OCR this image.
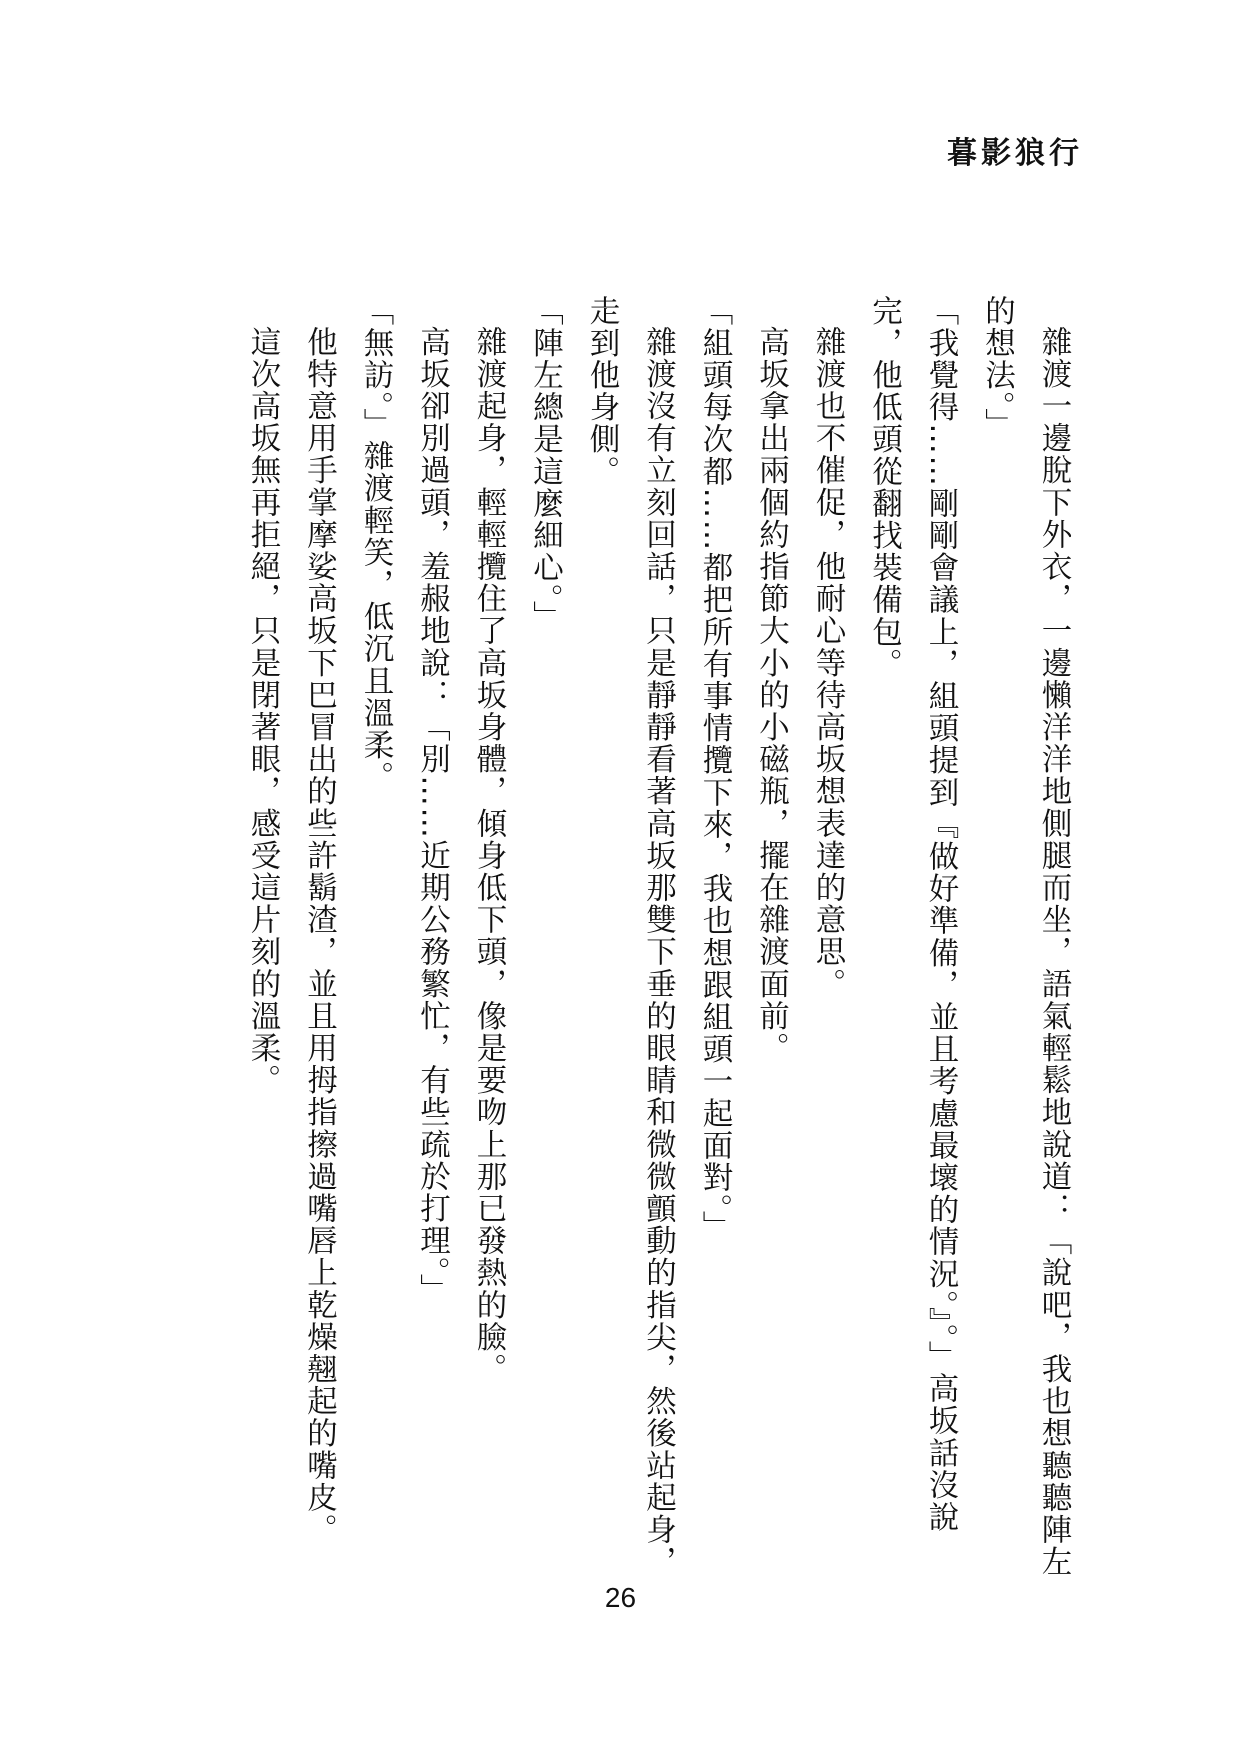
暮影狼行

雜渡一邊脫下外衣，一邊懶洋洋地側腿而坐，語氣輕鬆地說道：「說吧，我也想聽聽陣左的想法。」

「我覺得……剛剛會議上，組頭提到『做好準備，並且考慮最壞的情況。』。」高坂話沒說完，他低頭從翻找裝備包。

雜渡也不催促，他耐心等待高坂想表達的意思。

高坂拿出兩個約指節大小的小磁瓶，擺在雜渡面前。

「組頭每次都……都把所有事情攬下來，我也想跟組頭一起面對。」

雜渡沒有立刻回話，只是靜靜看著高坂那雙下垂的眼睛和微微顫動的指尖，然後站起身，走到他身側。

「陣左總是這麼細心。」

雜渡起身，輕輕攬住了高坂身體，傾身低下頭，像是要吻上那已發熱的臉。

高坂卻別過頭，羞赧地說：「別……近期公務繁忙，有些疏於打理。」

「無訪。」雜渡輕笑，低沉且溫柔。

他特意用手掌摩娑高坂下巴冒出的些許鬍渣，並且用拇指擦過嘴唇上乾燥翹起的嘴皮。

這次高坂無再拒絕，只是閉著眼，感受這片刻的溫柔。

26
